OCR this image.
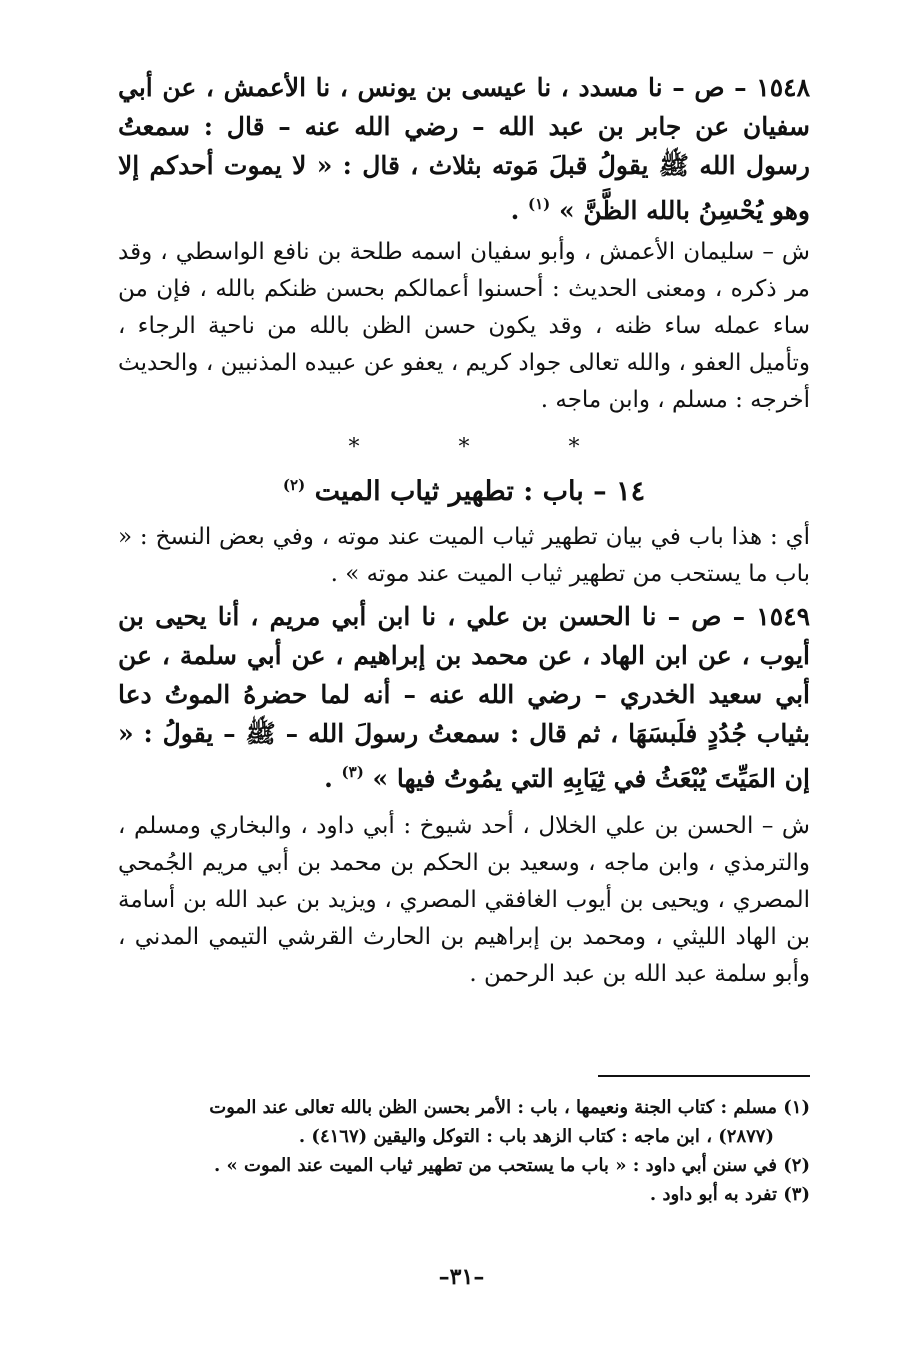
١٥٤٨ – ص – نا مسدد ، نا عيسى بن يونس ، نا الأعمش ، عن أبي سفيان عن جابر بن عبد الله – رضي الله عنه – قال : سمعتُ رسول الله ﷺ يقولُ قبلَ مَوته بثلاث ، قال : « لا يموت أحدكم إلا وهو يُحْسِنُ بالله الظَّنَّ » $^{(١)}$ .

ش – سليمان الأعمش ، وأبو سفيان اسمه طلحة بن نافع الواسطي ، وقد مر ذكره ، ومعنى الحديث : أحسنوا أعمالكم بحسن ظنكم بالله ، فإن من ساء عمله ساء ظنه ، وقد يكون حسن الظن بالله من ناحية الرجاء ، وتأميل العفو ، والله تعالى جواد كريم ، يعفو عن عبيده المذنبين ، والحديث أخرجه : مسلم ، وابن ماجه .

* * *
١٤ – باب : تطهير ثياب الميت $^{(٢)}$

أي : هذا باب في بيان تطهير ثياب الميت عند موته ، وفي بعض النسخ : « باب ما يستحب من تطهير ثياب الميت عند موته » .

١٥٤٩ – ص – نا الحسن بن علي ، نا ابن أبي مريم ، أنا يحيى بن أيوب ، عن ابن الهاد ، عن محمد بن إبراهيم ، عن أبي سلمة ، عن أبي سعيد الخدري – رضي الله عنه – أنه لما حضرهُ الموتُ دعا بثياب جُدُدٍ فلَبسَهَا ، ثم قال : سمعتُ رسولَ الله – ﷺ – يقولُ : « إن المَيِّتَ يُبْعَثُ في ثِيَابِهِ التي يمُوتُ فيها » $^{(٣)}$ .

ش – الحسن بن علي الخلال ، أحد شيوخ : أبي داود ، والبخاري ومسلم ، والترمذي ، وابن ماجه ، وسعيد بن الحكم بن محمد بن أبي مريم الجُمحي المصري ، ويحيى بن أيوب الغافقي المصري ، ويزيد بن عبد الله بن أسامة بن الهاد الليثي ، ومحمد بن إبراهيم بن الحارث القرشي التيمي المدني ، وأبو سلمة عبد الله بن عبد الرحمن .

(١) مسلم : كتاب الجنة ونعيمها ، باب : الأمر بحسن الظن بالله تعالى عند الموت

(٢٨٧٧) ، ابن ماجه : كتاب الزهد باب : التوكل واليقين (٤١٦٧) .

(٢) في سنن أبي داود : « باب ما يستحب من تطهير ثياب الميت عند الموت » .

(٣) تفرد به أبو داود .

–٣١–
